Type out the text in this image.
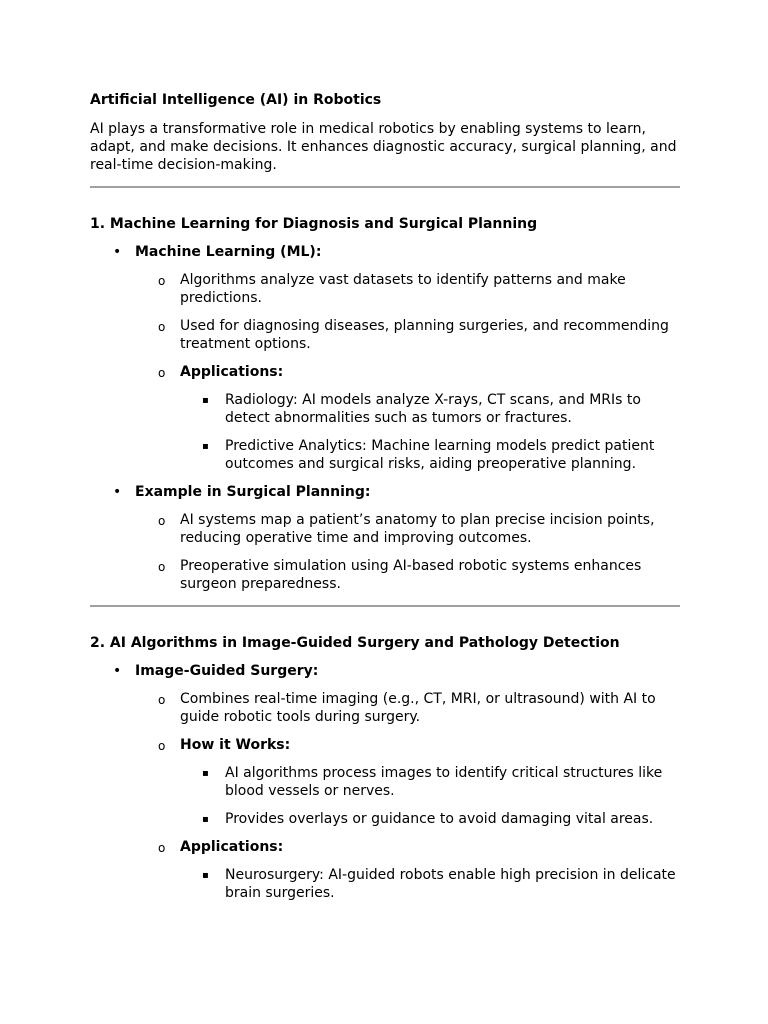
Artificial Intelligence (AI) in Robotics

AI plays a transformative role in medical robotics by enabling systems to learn, adapt, and make decisions. It enhances diagnostic accuracy, surgical planning, and real-time decision-making.

1. Machine Learning for Diagnosis and Surgical Planning

• Machine Learning (ML):
o Algorithms analyze vast datasets to identify patterns and make predictions.
o Used for diagnosing diseases, planning surgeries, and recommending treatment options.
o Applications:
▪ Radiology: AI models analyze X-rays, CT scans, and MRIs to detect abnormalities such as tumors or fractures.
▪ Predictive Analytics: Machine learning models predict patient outcomes and surgical risks, aiding preoperative planning.
• Example in Surgical Planning:
o AI systems map a patient’s anatomy to plan precise incision points, reducing operative time and improving outcomes.
o Preoperative simulation using AI-based robotic systems enhances surgeon preparedness.

2. AI Algorithms in Image-Guided Surgery and Pathology Detection

• Image-Guided Surgery:
o Combines real-time imaging (e.g., CT, MRI, or ultrasound) with AI to guide robotic tools during surgery.
o How it Works:
▪ AI algorithms process images to identify critical structures like blood vessels or nerves.
▪ Provides overlays or guidance to avoid damaging vital areas.
o Applications:
▪ Neurosurgery: AI-guided robots enable high precision in delicate brain surgeries.
